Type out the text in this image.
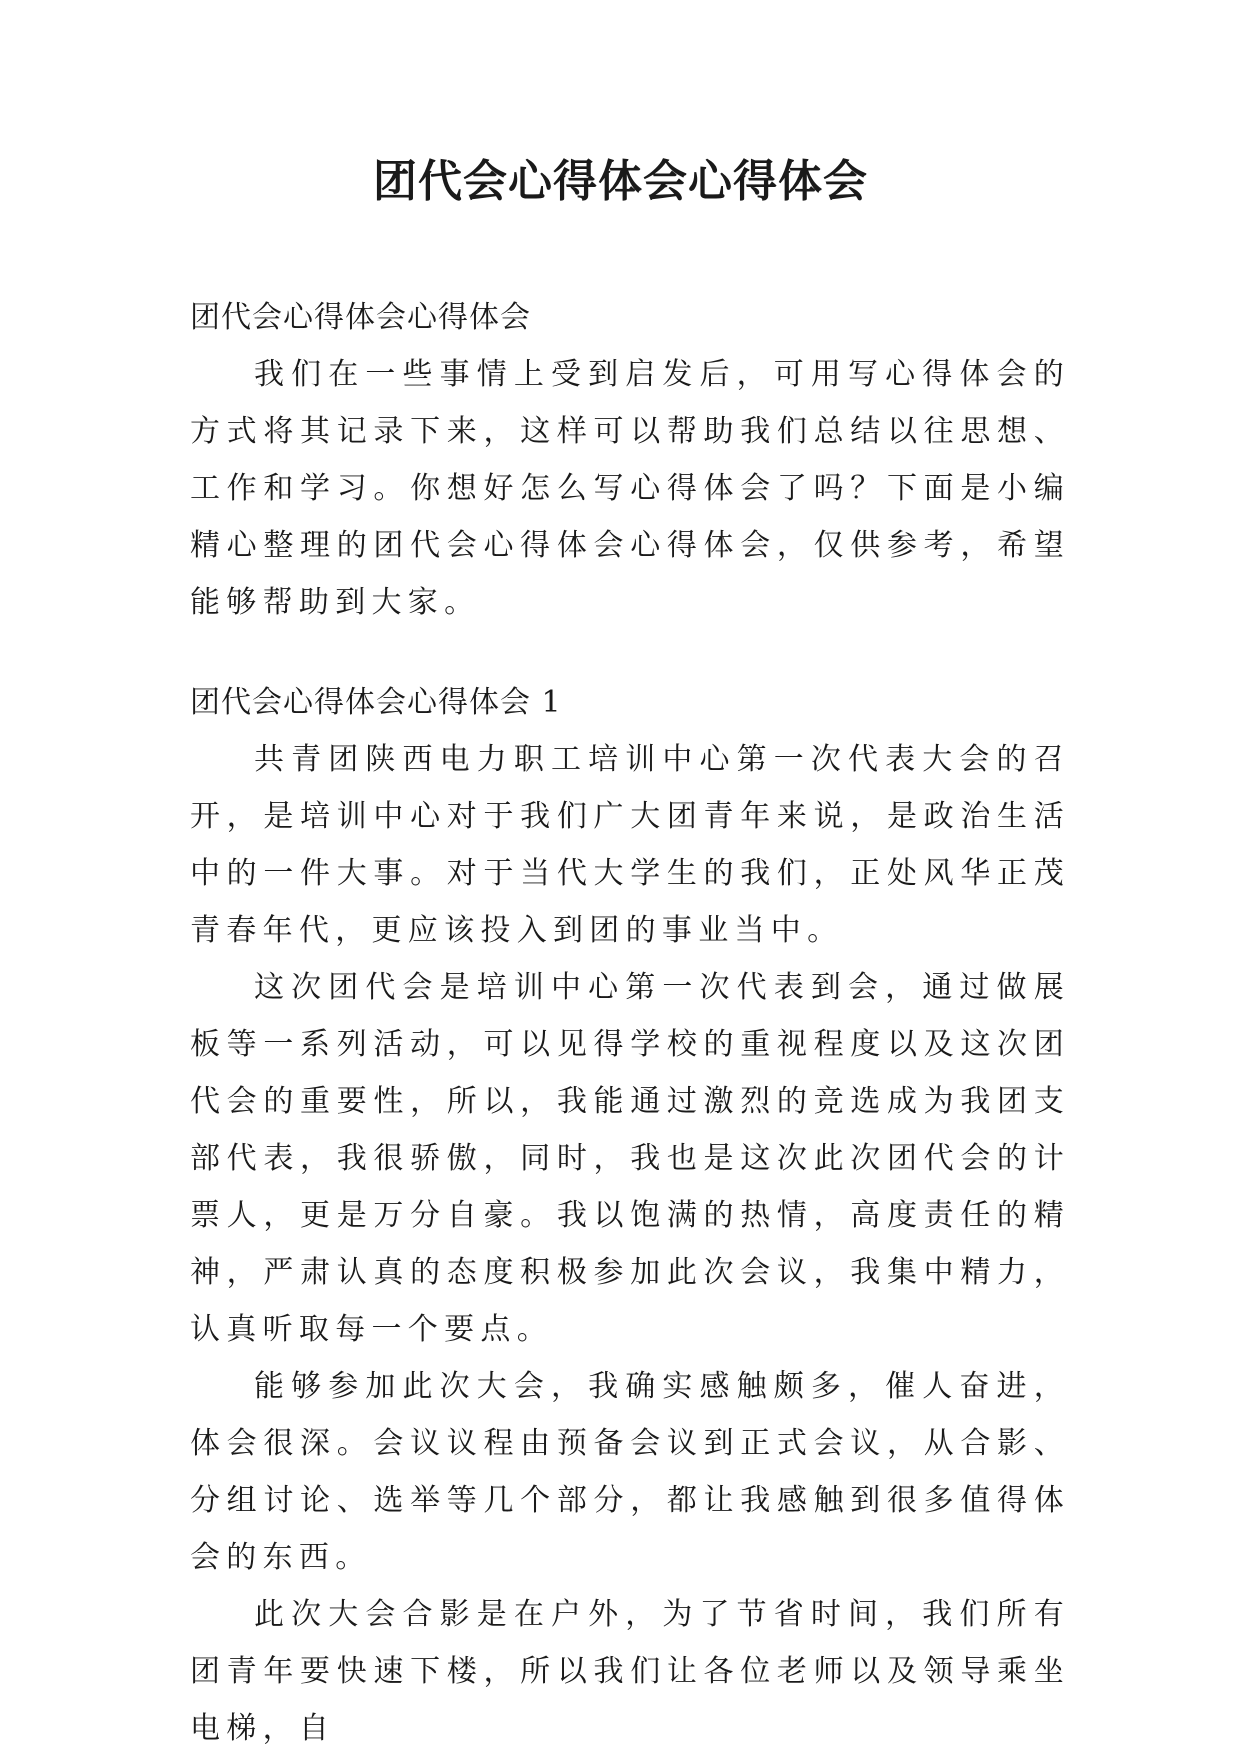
团代会心得体会心得体会

团代会心得体会心得体会

我们在一些事情上受到启发后，可用写心得体会的方式将其记录下来，这样可以帮助我们总结以往思想、工作和学习。你想好怎么写心得体会了吗？下面是小编精心整理的团代会心得体会心得体会，仅供参考，希望能够帮助到大家。

团代会心得体会心得体会 1

共青团陕西电力职工培训中心第一次代表大会的召开，是培训中心对于我们广大团青年来说，是政治生活中的一件大事。对于当代大学生的我们，正处风华正茂青春年代，更应该投入到团的事业当中。

这次团代会是培训中心第一次代表到会，通过做展板等一系列活动，可以见得学校的重视程度以及这次团代会的重要性，所以，我能通过激烈的竞选成为我团支部代表，我很骄傲，同时，我也是这次此次团代会的计票人，更是万分自豪。我以饱满的热情，高度责任的精神，严肃认真的态度积极参加此次会议，我集中精力，认真听取每一个要点。

能够参加此次大会，我确实感触颇多，催人奋进，体会很深。会议议程由预备会议到正式会议，从合影、分组讨论、选举等几个部分，都让我感触到很多值得体会的东西。

此次大会合影是在户外，为了节省时间，我们所有团青年要快速下楼，所以我们让各位老师以及领导乘坐电梯，自
